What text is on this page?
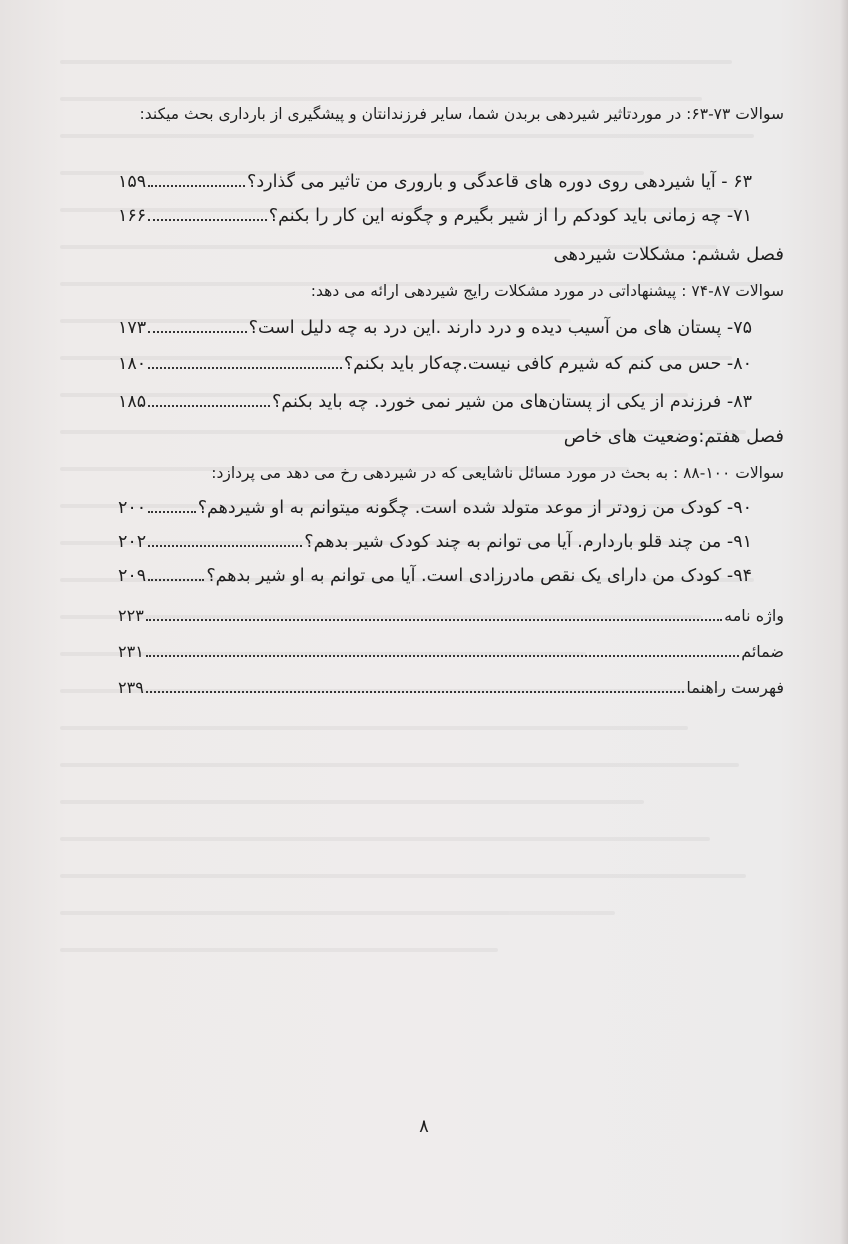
سوالات ۷۳-۶۳: در موردتاثیر شیردهی بربدن شما، سایر فرزندانتان و پیشگیری از بارداری بحث میکند:
۶۳ - آیا شیردهی روی دوره های قاعدگی و باروری من تاثیر می گذارد؟
۱۵۹
۷۱- چه زمانی باید کودکم را از شیر بگیرم و چگونه این کار را بکنم؟
۱۶۶
فصل ششم: مشکلات شیردهی
سوالات ۸۷-۷۴ : پیشنهاداتی در مورد مشکلات رایج شیردهی ارائه می دهد:
۷۵- پستان های من آسیب دیده و درد دارند .این درد به چه دلیل است؟
۱۷۳
۸۰- حس می کنم که شیرم کافی نیست.چه‌کار باید بکنم؟
۱۸۰
۸۳- فرزندم از یکی از پستان‌های من شیر نمی خورد. چه باید بکنم؟
۱۸۵
فصل هفتم:وضعیت های خاص
سوالات ۱۰۰-۸۸ : به بحث در مورد مسائل ناشایعی که در شیردهی رخ می دهد می پردازد:
۹۰- کودک من زودتر از موعد متولد شده است. چگونه میتوانم به او شیردهم؟
۲۰۰
۹۱- من چند قلو باردارم. آیا می توانم به چند کودک شیر بدهم؟
۲۰۲
۹۴- کودک من دارای یک نقص مادرزادی است. آیا می توانم به او شیر بدهم؟
۲۰۹
واژه نامه
۲۲۳
ضمائم
۲۳۱
فهرست راهنما
۲۳۹
۸
